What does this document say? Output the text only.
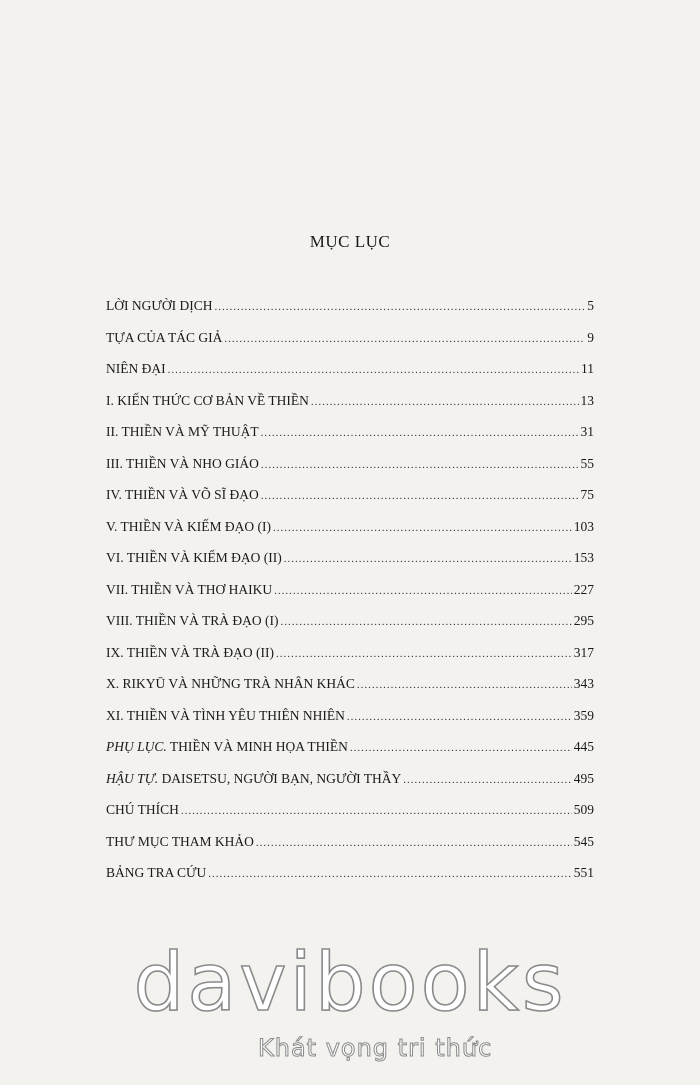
MỤC LỤC
LỜI NGƯỜI DỊCH .....	5
TỰA CỦA TÁC GIẢ .....	9
NIÊN ĐẠI .....	11
I. KIẾN THỨC CƠ BẢN VỀ THIỀN .....	13
II. THIỀN VÀ MỸ THUẬT .....	31
III. THIỀN VÀ NHO GIÁO .....	55
IV. THIỀN VÀ VÕ SĨ ĐẠO .....	75
V. THIỀN VÀ KIẾM ĐẠO (I) .....	103
VI. THIỀN VÀ KIẾM ĐẠO (II) .....	153
VII. THIỀN VÀ THƠ HAIKU .....	227
VIII. THIỀN VÀ TRÀ ĐẠO (I) .....	295
IX. THIỀN VÀ TRÀ ĐẠO (II) .....	317
X. RIKYŪ VÀ NHỮNG TRÀ NHÂN KHÁC .....	343
XI. THIỀN VÀ TÌNH YÊU THIÊN NHIÊN .....	359
PHỤ LỤC. THIỀN VÀ MINH HỌA THIỀN .....	445
HẬU TỰ. DAISETSU, NGƯỜI BẠN, NGƯỜI THẦY .....	495
CHÚ THÍCH .....	509
THƯ MỤC THAM KHẢO .....	545
BẢNG TRA CỨU .....	551
davibooks
Khát vọng tri thức
